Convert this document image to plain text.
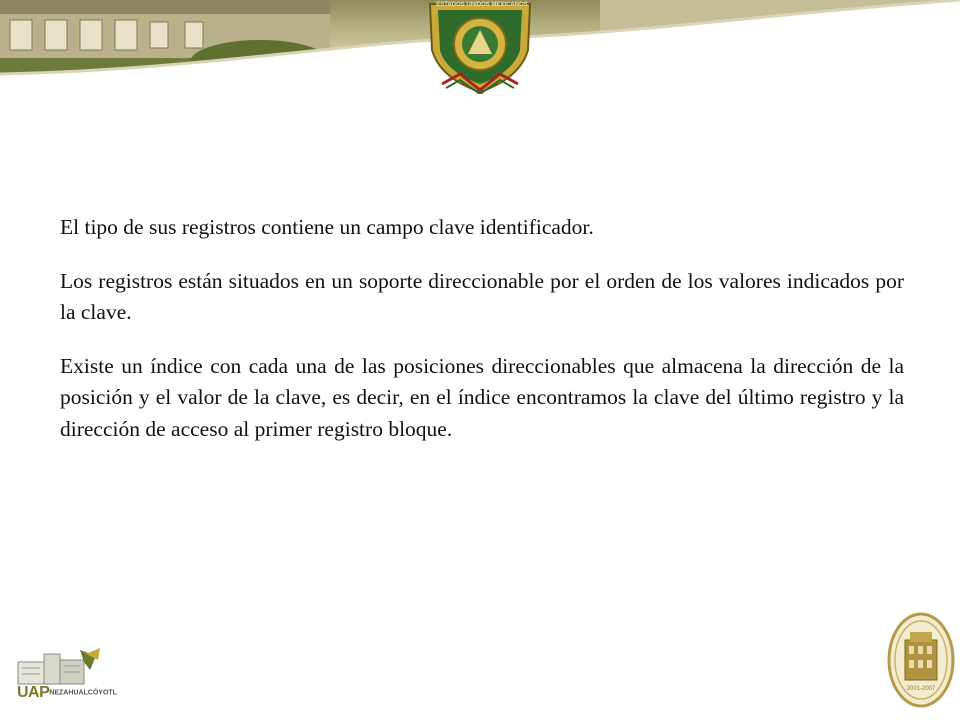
ESTADOS UNIDOS MEXICANOS

El tipo de sus registros contiene un campo clave identificador.

Los registros están situados en un soporte direccionable por el orden de los valores indicados por la clave.

Existe un índice con cada una de las posiciones direccionables que almacena la dirección de la posición y el valor de la clave, es decir, en el índice encontramos la clave del último registro y la dirección de acceso al primer registro bloque.

UAPNEZAHUALCÓYOTL
2001-2007
